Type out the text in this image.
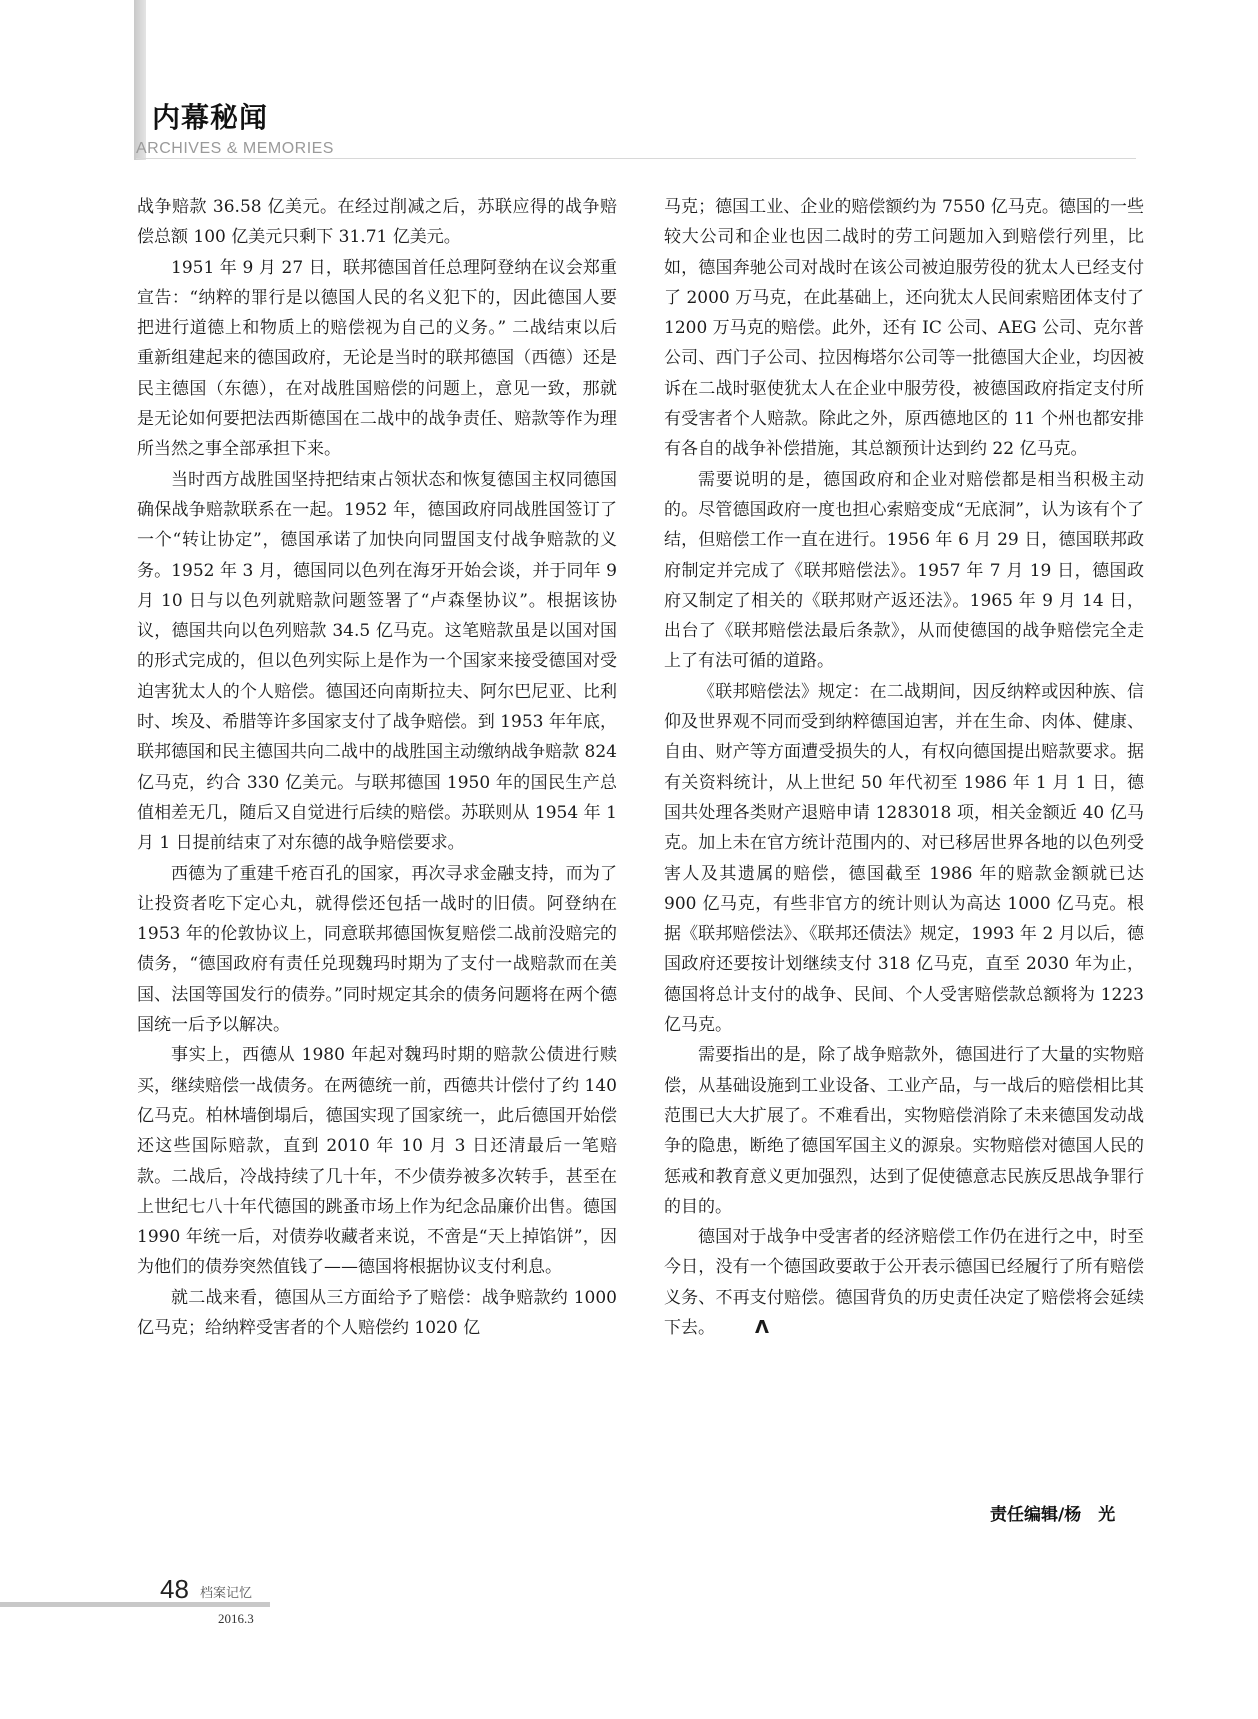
内幕秘闻
ARCHIVES & MEMORIES

战争赔款 36.58 亿美元。在经过削减之后，苏联应得的战争赔偿总额 100 亿美元只剩下 31.71 亿美元。

1951 年 9 月 27 日，联邦德国首任总理阿登纳在议会郑重宣告：“纳粹的罪行是以德国人民的名义犯下的，因此德国人要把进行道德上和物质上的赔偿视为自己的义务。” 二战结束以后重新组建起来的德国政府，无论是当时的联邦德国（西德）还是民主德国（东德），在对战胜国赔偿的问题上，意见一致，那就是无论如何要把法西斯德国在二战中的战争责任、赔款等作为理所当然之事全部承担下来。

当时西方战胜国坚持把结束占领状态和恢复德国主权同德国确保战争赔款联系在一起。1952 年，德国政府同战胜国签订了一个“转让协定”，德国承诺了加快向同盟国支付战争赔款的义务。1952 年 3 月，德国同以色列在海牙开始会谈，并于同年 9 月 10 日与以色列就赔款问题签署了“卢森堡协议”。根据该协议，德国共向以色列赔款 34.5 亿马克。这笔赔款虽是以国对国的形式完成的，但以色列实际上是作为一个国家来接受德国对受迫害犹太人的个人赔偿。德国还向南斯拉夫、阿尔巴尼亚、比利时、埃及、希腊等许多国家支付了战争赔偿。到 1953 年年底，联邦德国和民主德国共向二战中的战胜国主动缴纳战争赔款 824 亿马克，约合 330 亿美元。与联邦德国 1950 年的国民生产总值相差无几，随后又自觉进行后续的赔偿。苏联则从 1954 年 1 月 1 日提前结束了对东德的战争赔偿要求。

西德为了重建千疮百孔的国家，再次寻求金融支持，而为了让投资者吃下定心丸，就得偿还包括一战时的旧债。阿登纳在 1953 年的伦敦协议上，同意联邦德国恢复赔偿二战前没赔完的债务，“德国政府有责任兑现魏玛时期为了支付一战赔款而在美国、法国等国发行的债券。”同时规定其余的债务问题将在两个德国统一后予以解决。

事实上，西德从 1980 年起对魏玛时期的赔款公债进行赎买，继续赔偿一战债务。在两德统一前，西德共计偿付了约 140 亿马克。柏林墙倒塌后，德国实现了国家统一，此后德国开始偿还这些国际赔款，直到 2010 年 10 月 3 日还清最后一笔赔款。二战后，冷战持续了几十年，不少债券被多次转手，甚至在上世纪七八十年代德国的跳蚤市场上作为纪念品廉价出售。德国 1990 年统一后，对债券收藏者来说，不啻是“天上掉馅饼”，因为他们的债券突然值钱了——德国将根据协议支付利息。

就二战来看，德国从三方面给予了赔偿：战争赔款约 1000 亿马克；给纳粹受害者的个人赔偿约 1020 亿

马克；德国工业、企业的赔偿额约为 7550 亿马克。德国的一些较大公司和企业也因二战时的劳工问题加入到赔偿行列里，比如，德国奔驰公司对战时在该公司被迫服劳役的犹太人已经支付了 2000 万马克，在此基础上，还向犹太人民间索赔团体支付了 1200 万马克的赔偿。此外，还有 IC 公司、AEG 公司、克尔普公司、西门子公司、拉因梅塔尔公司等一批德国大企业，均因被诉在二战时驱使犹太人在企业中服劳役，被德国政府指定支付所有受害者个人赔款。除此之外，原西德地区的 11 个州也都安排有各自的战争补偿措施，其总额预计达到约 22 亿马克。

需要说明的是，德国政府和企业对赔偿都是相当积极主动的。尽管德国政府一度也担心索赔变成“无底洞”，认为该有个了结，但赔偿工作一直在进行。1956 年 6 月 29 日，德国联邦政府制定并完成了《联邦赔偿法》。1957 年 7 月 19 日，德国政府又制定了相关的《联邦财产返还法》。1965 年 9 月 14 日，出台了《联邦赔偿法最后条款》，从而使德国的战争赔偿完全走上了有法可循的道路。

《联邦赔偿法》规定：在二战期间，因反纳粹或因种族、信仰及世界观不同而受到纳粹德国迫害，并在生命、肉体、健康、自由、财产等方面遭受损失的人，有权向德国提出赔款要求。据有关资料统计，从上世纪 50 年代初至 1986 年 1 月 1 日，德国共处理各类财产退赔申请 1283018 项，相关金额近 40 亿马克。加上未在官方统计范围内的、对已移居世界各地的以色列受害人及其遗属的赔偿，德国截至 1986 年的赔款金额就已达 900 亿马克，有些非官方的统计则认为高达 1000 亿马克。根据《联邦赔偿法》、《联邦还债法》规定，1993 年 2 月以后，德国政府还要按计划继续支付 318 亿马克，直至 2030 年为止，德国将总计支付的战争、民间、个人受害赔偿款总额将为 1223 亿马克。

需要指出的是，除了战争赔款外，德国进行了大量的实物赔偿，从基础设施到工业设备、工业产品，与一战后的赔偿相比其范围已大大扩展了。不难看出，实物赔偿消除了未来德国发动战争的隐患，断绝了德国军国主义的源泉。实物赔偿对德国人民的惩戒和教育意义更加强烈，达到了促使德意志民族反思战争罪行的目的。

德国对于战争中受害者的经济赔偿工作仍在进行之中，时至今日，没有一个德国政要敢于公开表示德国已经履行了所有赔偿义务、不再支付赔偿。德国背负的历史责任决定了赔偿将会延续下去。 Λ

责任编辑/杨　光
48 档案记忆
2016.3
